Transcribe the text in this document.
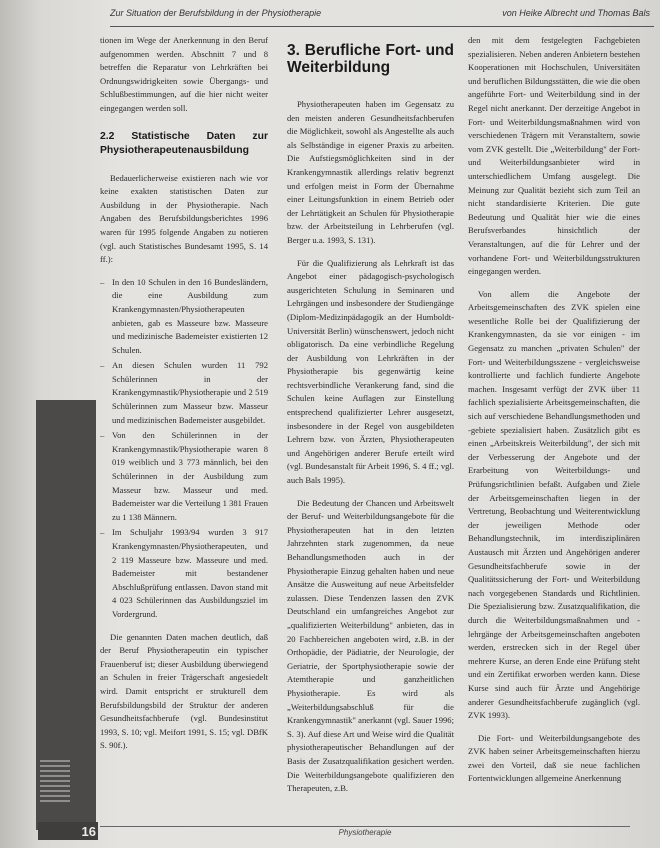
Zur Situation der Berufsbildung in der Physiotherapie	von Heike Albrecht und Thomas Bals

tionen im Wege der Anerkennung in den Beruf aufgenommen werden. Abschnitt 7 und 8 betreffen die Reparatur von Lehrkräften bei Ordnungswidrigkeiten sowie Übergangs- und Schlußbestimmungen, auf die hier nicht weiter eingegangen werden soll.

2.2 Statistische Daten zur Physiotherapeutenausbildung

Bedauerlicherweise existieren nach wie vor keine exakten statistischen Daten zur Ausbildung in der Physiotherapie. Nach Angaben des Berufsbildungsberichtes 1996 waren für 1995 folgende Angaben zu notieren (vgl. auch Statistisches Bundesamt 1995, S. 14 ff.):

– In den 10 Schulen in den 16 Bundesländern, die eine Ausbildung zum Krankengymnasten/Physiotherapeuten anbieten, gab es Masseure bzw. Masseure und medizinische Bademeister existierten 12 Schulen.
– An diesen Schulen wurden 11 792 Schülerinnen in der Krankengymnastik/Physiotherapie und 2 519 Schülerinnen zum Masseur bzw. Masseur und medizinischen Bademeister ausgebildet.
– Von den Schülerinnen in der Krankengymnastik/Physiotherapie waren 8 019 weiblich und 3 773 männlich, bei den Schülerinnen in der Ausbildung zum Masseur bzw. Masseur und med. Bademeister war die Verteilung 1 381 Frauen zu 1 138 Männern.
– Im Schuljahr 1993/94 wurden 3 917 Krankengymnasten/Physiotherapeuten, und 2 119 Masseure bzw. Masseure und med. Bademeister mit bestandener Abschlußprüfung entlassen. Davon stand mit 4 023 Schülerinnen das Ausbildungsziel im Vordergrund.

Die genannten Daten machen deutlich, daß der Beruf Physiotherapeutin ein typischer Frauenberuf ist; dieser Ausbildung überwiegend an Schulen in freier Trägerschaft angesiedelt wird. Damit entspricht er strukturell dem Berufsbildungsbild der Struktur der anderen Gesundheitsfachberufe (vgl. Bundesinstitut 1993, S. 10; vgl. Meifort 1991, S. 15; vgl. DBfK S. 90f.).

3. Berufliche Fort- und Weiterbildung

Physiotherapeuten haben im Gegensatz zu den meisten anderen Gesundheitsfachberufen die Möglichkeit, sowohl als Angestellte als auch als Selbständige in eigener Praxis zu arbeiten. Die Aufstiegsmöglichkeiten sind in der Krankengymnastik allerdings relativ begrenzt und erfolgen meist in Form der Übernahme einer Leitungsfunktion in einem Betrieb oder der Lehrtätigkeit an Schulen für Physiotherapie bzw. der Arbeitsteilung in Lehrberufen (vgl. Berger u.a. 1993, S. 131).

Für die Qualifizierung als Lehrkraft ist das Angebot einer pädagogisch-psychologisch ausgerichteten Schulung in Seminaren und Lehrgängen und insbesondere der Studiengänge (Diplom-Medizinpädagogik an der Humboldt-Universität Berlin) wünschenswert, jedoch nicht obligatorisch. Da eine verbindliche Regelung der Ausbildung von Lehrkräften in der Physiotherapie bis gegenwärtig keine rechtsverbindliche Verankerung fand, sind die Schulen keine Auflagen zur Einstellung entsprechend qualifizierter Lehrer ausgesetzt, insbesondere in der Regel von ausgebildeten Lehrern bzw. von Ärzten, Physiotherapeuten und Angehörigen anderer Berufe erteilt wird (vgl. Bundesanstalt für Arbeit 1996, S. 4 ff.; vgl. auch Bals 1995).

Die Bedeutung der Chancen und Arbeitswelt der Beruf- und Weiterbildungsangebote für die Physiotherapeuten hat in den letzten Jahrzehnten stark zugenommen, da neue Behandlungsmethoden auch in der Physiotherapie Einzug gehalten haben und neue Ansätze die Ausweitung auf neue Arbeitsfelder zulassen. Diese Tendenzen lassen den ZVK Deutschland ein umfangreiches Angebot zur „qualifizierten Weiterbildung" anbieten, das in 20 Fachbereichen angeboten wird, z.B. in der Orthopädie, der Pädiatrie, der Neurologie, der Geriatrie, der Sportphysiotherapie sowie der Atemtherapie und ganzheitlichen Physiotherapie. Es wird als „Weiterbildungsabschluß für die Krankengymnastik" anerkannt (vgl. Sauer 1996; S. 3). Auf diese Art und Weise wird die Qualität physiotherapeutischer Behandlungen auf der Basis der Zusatzqualifikation gesichert werden. Die Weiterbildungsangebote qualifizieren den Therapeuten, z.B.

den mit dem festgelegten Fachgebieten spezialisieren. Neben anderen Anbietern bestehen Kooperationen mit Hochschulen, Universitäten und beruflichen Bildungsstätten, die wie die oben angeführte Fort- und Weiterbildung sind in der Regel nicht anerkannt. Der derzeitige Angebot in Fort- und Weiterbildungsmaßnahmen wird von verschiedenen Trägern mit Veranstaltern, sowie vom ZVK gestellt. Die „Weiterbildung" der Fort- und Weiterbildungsanbieter wird in unterschiedlichem Umfang ausgelegt. Die Meinung zur Qualität bezieht sich zum Teil an nicht standardisierte Kriterien. Die gute Bedeutung und Qualität hier wie die eines Berufsverbandes hinsichtlich der Veranstaltungen, auf die für Lehrer und der vorhandene Fort- und Weiterbildungsstrukturen eingegangen werden.

Von allem die Angebote der Arbeitsgemeinschaften des ZVK spielen eine wesentliche Rolle bei der Qualifizierung der Krankengymnasten, da sie vor einigen - im Gegensatz zu manchen „privaten Schulen" der Fort- und Weiterbildungsszene - vergleichsweise kontrollierte und fachlich fundierte Angebote machen. Insgesamt verfügt der ZVK über 11 fachlich spezialisierte Arbeitsgemeinschaften, die sich auf verschiedene Behandlungsmethoden und -gebiete spezialisiert haben. Zusätzlich gibt es einen „Arbeitskreis Weiterbildung", der sich mit der Verbesserung der Angebote und der Erarbeitung von Weiterbildungs- und Prüfungsrichtlinien befaßt. Aufgaben und Ziele der Arbeitsgemeinschaften liegen in der Vertretung, Beobachtung und Weiterentwicklung der jeweiligen Methode oder Behandlungstechnik, im interdisziplinären Austausch mit Ärzten und Angehörigen anderer Gesundheitsfachberufe sowie in der Qualitätssicherung der Fort- und Weiterbildung nach vorgegebenen Standards und Richtlinien. Die Spezialisierung bzw. Zusatzqualifikation, die durch die Weiterbildungsmaßnahmen und -lehrgänge der Arbeitsgemeinschaften angeboten werden, erstrecken sich in der Regel über mehrere Kurse, an deren Ende eine Prüfung steht und ein Zertifikat erworben werden kann. Diese Kurse sind auch für Ärzte und Angehörige anderer Gesundheitsfachberufe zugänglich (vgl. ZVK 1993).

Die Fort- und Weiterbildungsangebote des ZVK haben seiner Arbeitsgemeinschaften hierzu zwei den Vorteil, daß sie neue fachlichen Fortentwicklungen allgemeine Anerkennung

16	Physiotherapie
